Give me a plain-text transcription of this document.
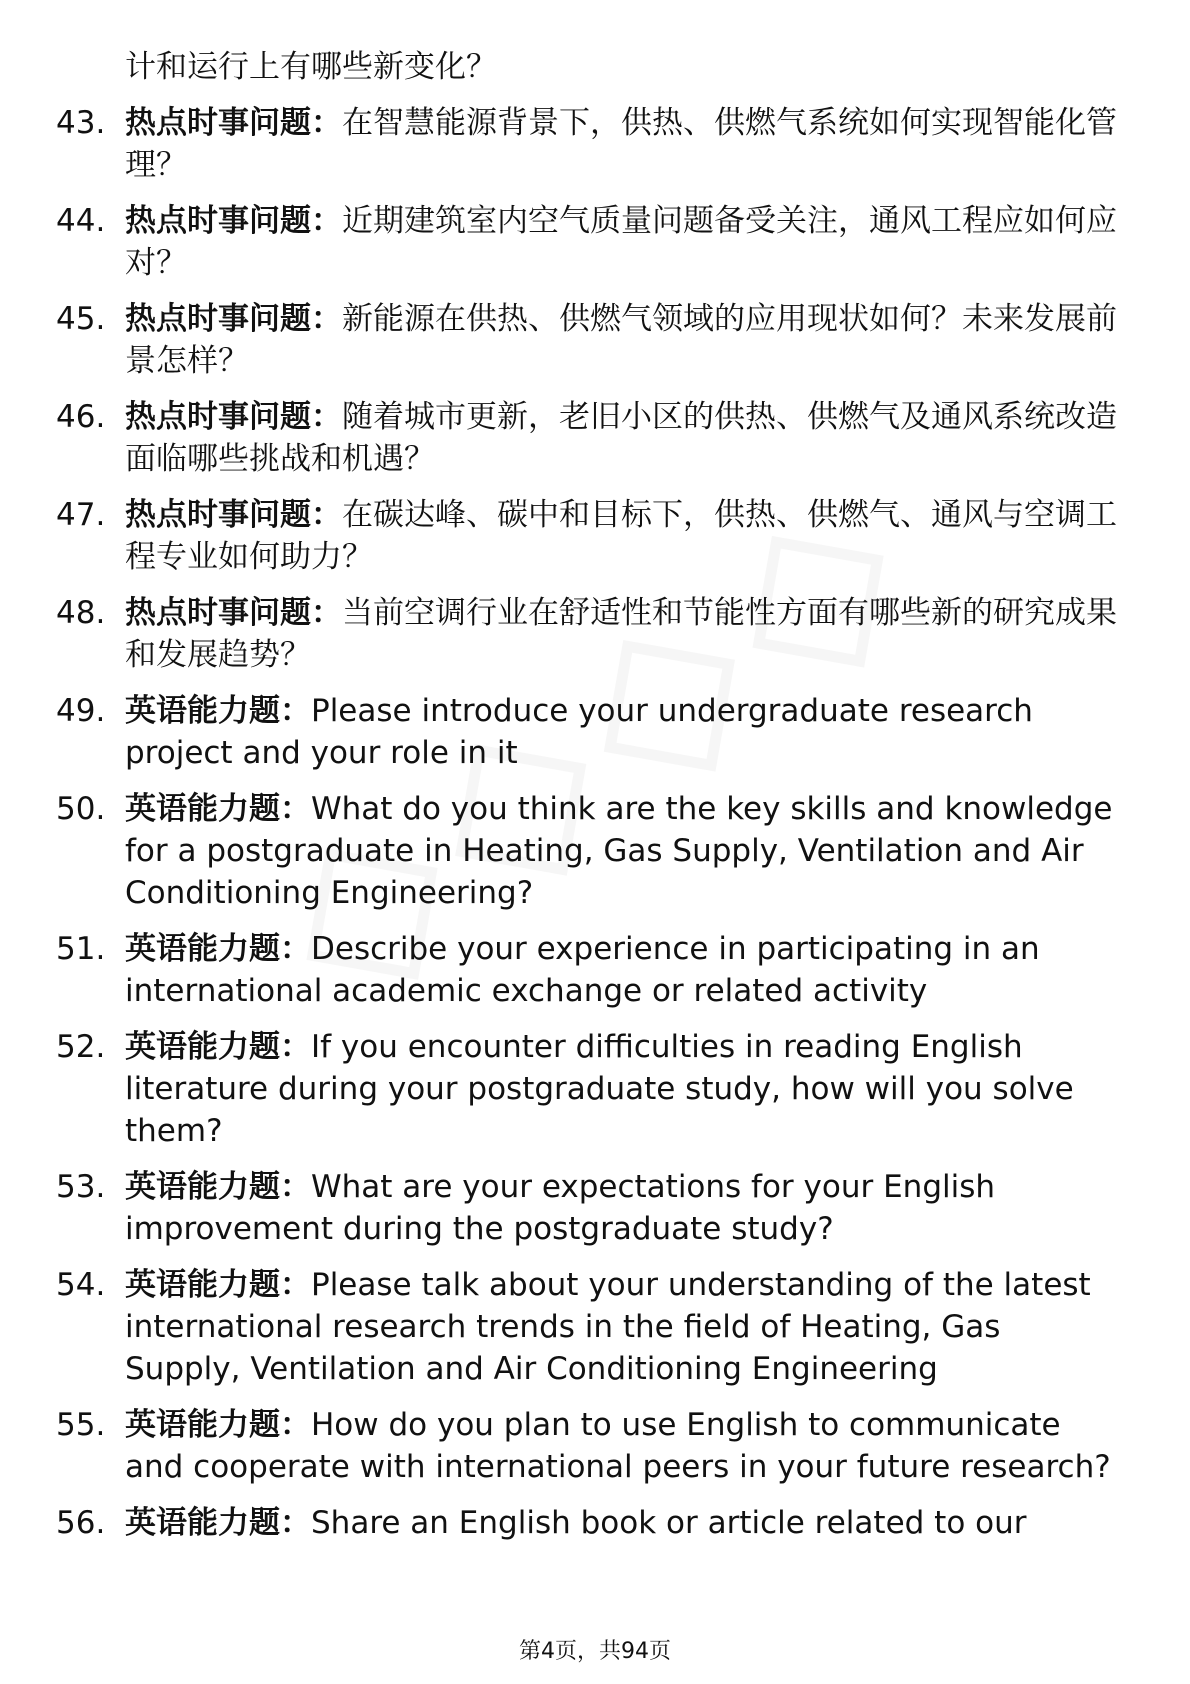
计和运行上有哪些新变化？
43. 热点时事问题：在智慧能源背景下，供热、供燃气系统如何实现智能化管理？
44. 热点时事问题：近期建筑室内空气质量问题备受关注，通风工程应如何应对？
45. 热点时事问题：新能源在供热、供燃气领域的应用现状如何？未来发展前景怎样？
46. 热点时事问题：随着城市更新，老旧小区的供热、供燃气及通风系统改造面临哪些挑战和机遇？
47. 热点时事问题：在碳达峰、碳中和目标下，供热、供燃气、通风与空调工程专业如何助力？
48. 热点时事问题：当前空调行业在舒适性和节能性方面有哪些新的研究成果和发展趋势？
49. 英语能力题：Please introduce your undergraduate research project and your role in it
50. 英语能力题：What do you think are the key skills and knowledge for a postgraduate in Heating, Gas Supply, Ventilation and Air Conditioning Engineering?
51. 英语能力题：Describe your experience in participating in an international academic exchange or related activity
52. 英语能力题：If you encounter difficulties in reading English literature during your postgraduate study, how will you solve them?
53. 英语能力题：What are your expectations for your English improvement during the postgraduate study?
54. 英语能力题：Please talk about your understanding of the latest international research trends in the field of Heating, Gas Supply, Ventilation and Air Conditioning Engineering
55. 英语能力题：How do you plan to use English to communicate and cooperate with international peers in your future research?
56. 英语能力题：Share an English book or article related to our
第4页，共94页
